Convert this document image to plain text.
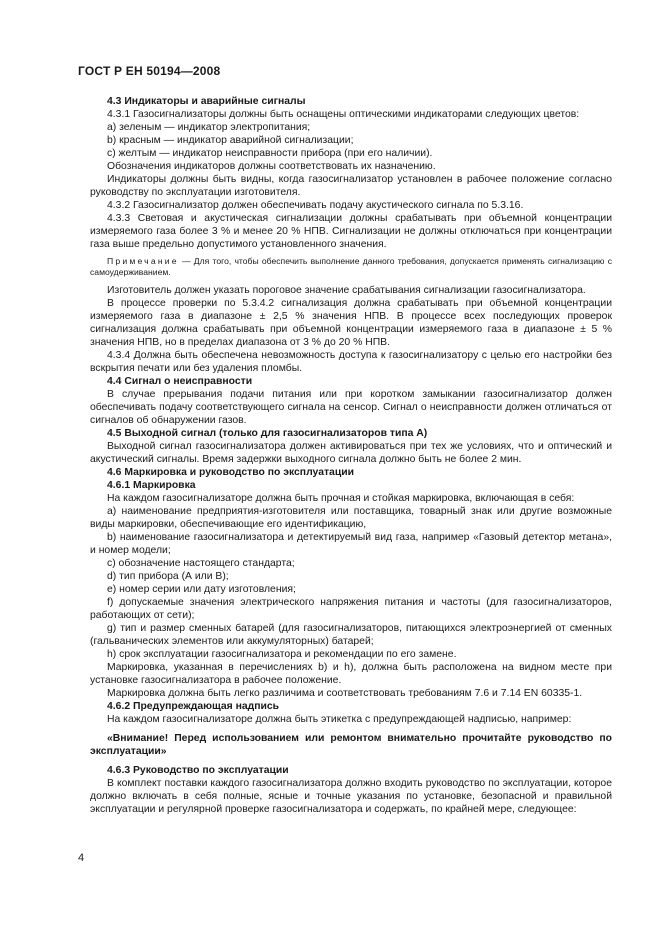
ГОСТ Р ЕН 50194—2008

4.3 Индикаторы и аварийные сигналы

4.3.1 Газосигнализаторы должны быть оснащены оптическими индикаторами следующих цветов:

а) зеленым — индикатор электропитания;

b) красным — индикатор аварийной сигнализации;

с) желтым — индикатор неисправности прибора (при его наличии).

Обозначения индикаторов должны соответствовать их назначению.

Индикаторы должны быть видны, когда газосигнализатор установлен в рабочее положение согласно руководству по эксплуатации изготовителя.

4.3.2 Газосигнализатор должен обеспечивать подачу акустического сигнала по 5.3.16.

4.3.3 Световая и акустическая сигнализации должны срабатывать при объемной концентрации измеряемого газа более 3 % и менее 20 % НПВ. Сигнализации не должны отключаться при концентрации газа выше предельно допустимого установленного значения.

Примечание — Для того, чтобы обеспечить выполнение данного требования, допускается применять сигнализацию с самоудерживанием.

Изготовитель должен указать пороговое значение срабатывания сигнализации газосигнализатора.

В процессе проверки по 5.3.4.2 сигнализация должна срабатывать при объемной концентрации измеряемого газа в диапазоне ± 2,5 % значения НПВ. В процессе всех последующих проверок сигнализация должна срабатывать при объемной концентрации измеряемого газа в диапазоне ± 5 % значения НПВ, но в пределах диапазона от 3 % до 20 % НПВ.

4.3.4 Должна быть обеспечена невозможность доступа к газосигнализатору с целью его настройки без вскрытия печати или без удаления пломбы.

4.4 Сигнал о неисправности

В случае прерывания подачи питания или при коротком замыкании газосигнализатор должен обеспечивать подачу соответствующего сигнала на сенсор. Сигнал о неисправности должен отличаться от сигналов об обнаружении газов.

4.5 Выходной сигнал (только для газосигнализаторов типа А)

Выходной сигнал газосигнализатора должен активироваться при тех же условиях, что и оптический и акустический сигналы. Время задержки выходного сигнала должно быть не более 2 мин.

4.6 Маркировка и руководство по эксплуатации

4.6.1 Маркировка

На каждом газосигнализаторе должна быть прочная и стойкая маркировка, включающая в себя:

а) наименование предприятия-изготовителя или поставщика, товарный знак или другие возможные виды маркировки, обеспечивающие его идентификацию,

b) наименование газосигнализатора и детектируемый вид газа, например «Газовый детектор метана», и номер модели;

с) обозначение настоящего стандарта;

d) тип прибора (А или В);

е) номер серии или дату изготовления;

f) допускаемые значения электрического напряжения питания и частоты (для газосигнализаторов, работающих от сети);

g) тип и размер сменных батарей (для газосигнализаторов, питающихся электроэнергией от сменных (гальванических элементов или аккумуляторных) батарей;

h) срок эксплуатации газосигнализатора и рекомендации по его замене.

Маркировка, указанная в перечислениях b) и h), должна быть расположена на видном месте при установке газосигнализатора в рабочее положение.

Маркировка должна быть легко различима и соответствовать требованиям 7.6 и 7.14 EN 60335-1.

4.6.2 Предупреждающая надпись

На каждом газосигнализаторе должна быть этикетка с предупреждающей надписью, например:

«Внимание! Перед использованием или ремонтом внимательно прочитайте руководство по эксплуатации»

4.6.3 Руководство по эксплуатации

В комплект поставки каждого газосигнализатора должно входить руководство по эксплуатации, которое должно включать в себя полные, ясные и точные указания по установке, безопасной и правильной эксплуатации и регулярной проверке газосигнализатора и содержать, по крайней мере, следующее:

4
